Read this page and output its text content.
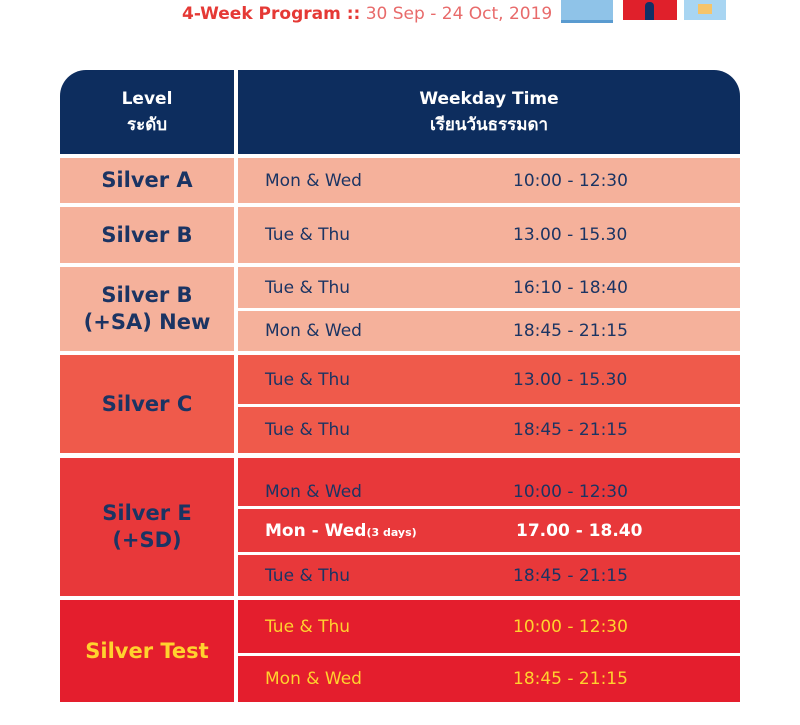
4-Week Program :: 30 Sep - 24 Oct, 2019
Level
ระดับ
Weekday Time
เรียนวันธรรมดา
Silver A	Mon & Wed	10:00 - 12:30
Silver B	Tue & Thu	13.00 - 15.30
Silver B
(+SA) New
Tue & Thu	16:10 - 18:40
Mon & Wed	18:45 - 21:15
Silver C
Tue & Thu	13.00 - 15.30
Tue & Thu	18:45 - 21:15
Silver E
(+SD)
Mon & Wed	10:00 - 12:30
Mon - Wed(3 days)	17.00 - 18.40
Tue & Thu	18:45 - 21:15
Silver Test
Tue & Thu	10:00 - 12:30
Mon & Wed	18:45 - 21:15
